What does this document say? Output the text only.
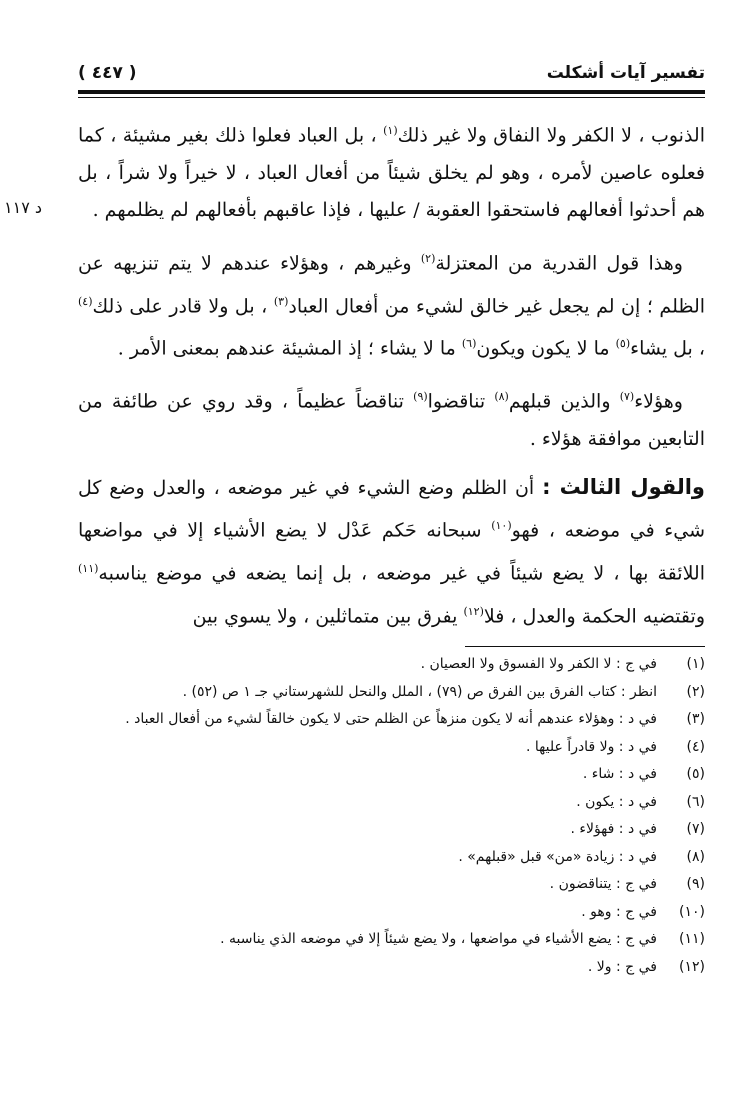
تفسير آيات أشكلت
( ٤٤٧ )
د ١١٧

الذنوب ، لا الكفر ولا النفاق ولا غير ذلك$^{(١)}$ ، بل العباد فعلوا ذلك بغير مشيئة ، كما فعلوه عاصين لأمره ، وهو لم يخلق شيئاً من أفعال العباد ، لا خيراً ولا شراً ، بل هم أحدثوا أفعالهم فاستحقوا العقوبة / عليها ، فإذا عاقبهم بأفعالهم لم يظلمهم .

وهذا قول القدرية من المعتزلة$^{(٢)}$ وغيرهم ، وهؤلاء عندهم لا يتم تنزيهه عن الظلم ؛ إن لم يجعل غير خالق لشيء من أفعال العباد$^{(٣)}$ ، بل ولا قادر على ذلك$^{(٤)}$ ، بل يشاء$^{(٥)}$ ما لا يكون ويكون$^{(٦)}$ ما لا يشاء ؛ إذ المشيئة عندهم بمعنى الأمر .

وهؤلاء$^{(٧)}$ والذين قبلهم$^{(٨)}$ تناقضوا$^{(٩)}$ تناقضاً عظيماً ، وقد روي عن طائفة من التابعين موافقة هؤلاء .

والقول الثالث : أن الظلم وضع الشيء في غير موضعه ، والعدل وضع كل شيء في موضعه ، فهو$^{(١٠)}$ سبحانه حَكم عَدْل لا يضع الأشياء إلا في مواضعها اللائقة بها ، لا يضع شيئاً في غير موضعه ، بل إنما يضعه في موضع يناسبه$^{(١١)}$ وتقتضيه الحكمة والعدل ، فلا$^{(١٢)}$ يفرق بين متماثلين ، ولا يسوي بين

(١)
في ج : لا الكفر ولا الفسوق ولا العصيان .
(٢)
انظر : كتاب الفرق بين الفرق ص (٧٩) ، الملل والنحل للشهرستاني جـ ١ ص (٥٢) .
(٣)
في د : وهؤلاء عندهم أنه لا يكون منزهاً عن الظلم حتى لا يكون خالقاً لشيء من أفعال العباد .
(٤)
في د : ولا قادراً عليها .
(٥)
في د : شاء .
(٦)
في د : يكون .
(٧)
في د : فهؤلاء .
(٨)
في د : زيادة «من» قبل «قبلهم» .
(٩)
في ج : يتناقضون .
(١٠)
في ج : وهو .
(١١)
في ج : يضع الأشياء في مواضعها ، ولا يضع شيئاً إلا في موضعه الذي يناسبه .
(١٢)
في ج : ولا .
